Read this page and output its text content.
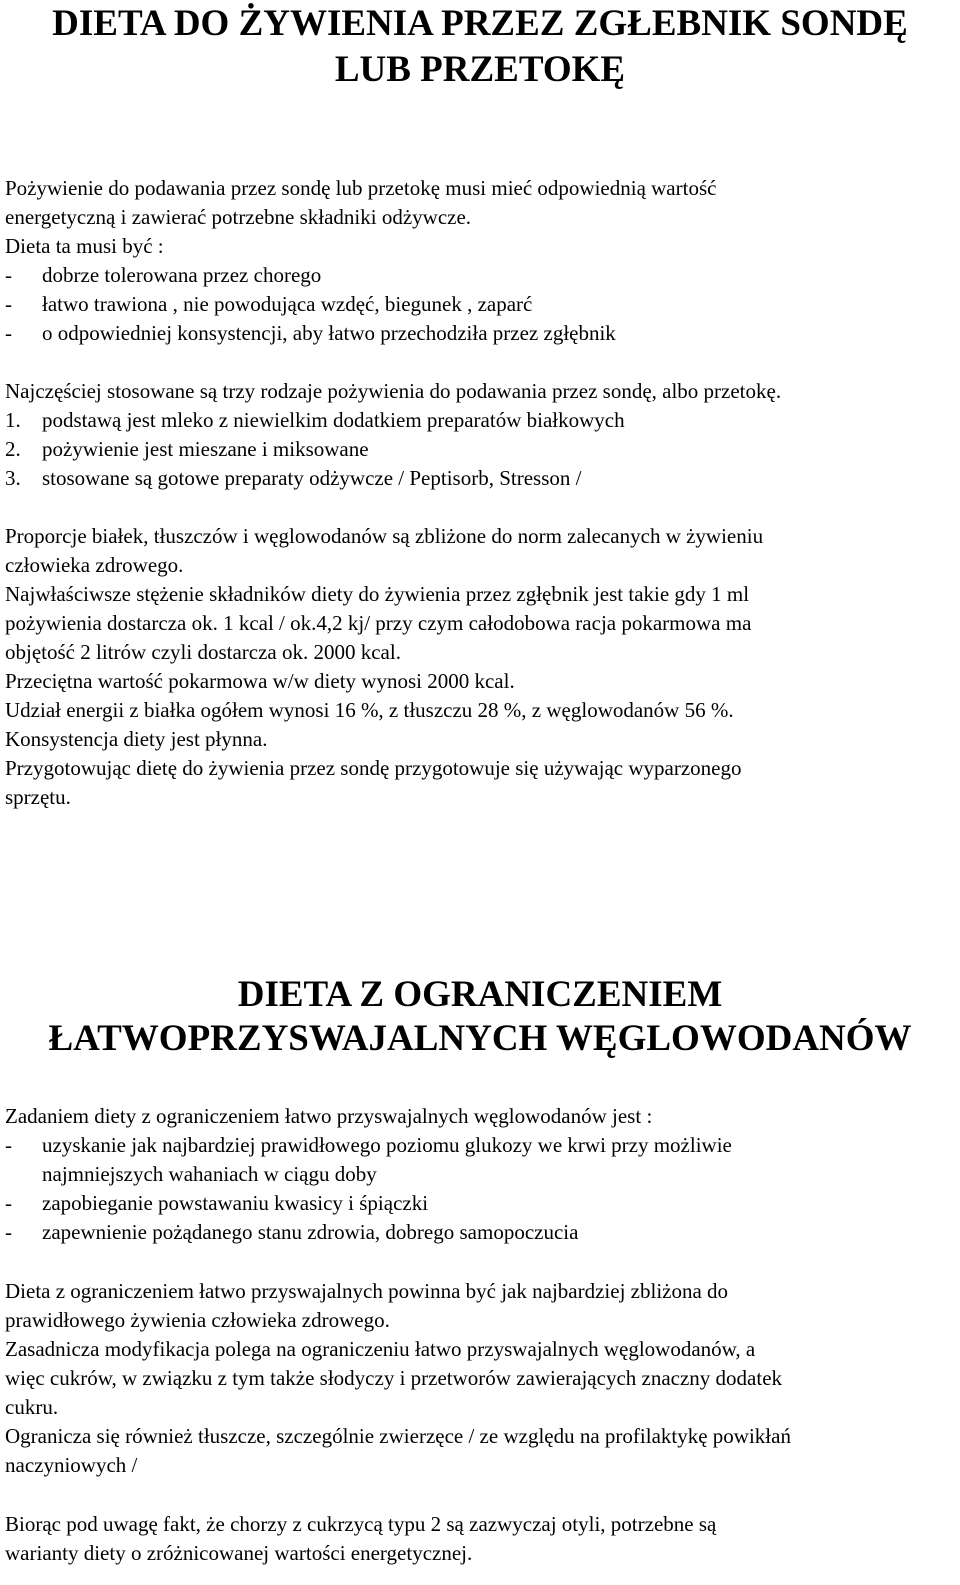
DIETA DO ŻYWIENIA PRZEZ ZGŁEBNIK SONDĘ
LUB PRZETOKĘ
Pożywienie do podawania przez sondę lub przetokę musi mieć odpowiednią wartość
energetyczną i zawierać potrzebne składniki odżywcze.
Dieta ta musi być :
-	dobrze tolerowana przez chorego
-	łatwo trawiona , nie powodująca wzdęć, biegunek , zaparć
-	o odpowiedniej konsystencji, aby łatwo przechodziła przez zgłębnik
Najczęściej stosowane są trzy rodzaje pożywienia do podawania przez sondę, albo przetokę.
1. podstawą jest mleko z niewielkim dodatkiem preparatów białkowych
2. pożywienie jest mieszane i miksowane
3. stosowane są gotowe preparaty odżywcze / Peptisorb, Stresson /
Proporcje białek, tłuszczów i węglowodanów są zbliżone do norm zalecanych w żywieniu
człowieka zdrowego.
Najwłaściwsze stężenie składników diety do żywienia przez zgłębnik jest takie gdy 1 ml
pożywienia dostarcza ok. 1 kcal / ok.4,2 kj/ przy czym całodobowa racja pokarmowa ma
objętość 2 litrów czyli dostarcza ok. 2000 kcal.
Przeciętna wartość pokarmowa w/w diety wynosi 2000 kcal.
Udział energii z białka ogółem wynosi 16 %, z tłuszczu 28 %, z węglowodanów 56 %.
Konsystencja diety jest płynna.
Przygotowując dietę do żywienia przez sondę przygotowuje się używając wyparzonego
sprzętu.
DIETA Z OGRANICZENIEM
ŁATWOPRZYSWAJALNYCH WĘGLOWODANÓW
Zadaniem diety z ograniczeniem łatwo przyswajalnych węglowodanów jest :
-	uzyskanie jak najbardziej prawidłowego poziomu glukozy we krwi przy możliwie
najmniejszych wahaniach w ciągu doby
-	zapobieganie powstawaniu kwasicy i śpiączki
-	zapewnienie pożądanego stanu zdrowia, dobrego samopoczucia
Dieta z ograniczeniem łatwo przyswajalnych powinna być jak najbardziej zbliżona do
prawidłowego żywienia człowieka zdrowego.
Zasadnicza modyfikacja polega na ograniczeniu łatwo przyswajalnych węglowodanów, a
więc cukrów, w związku z tym także słodyczy i przetworów zawierających znaczny dodatek
cukru.
Ogranicza się również tłuszcze, szczególnie zwierzęce / ze względu na profilaktykę powikłań
naczyniowych /
Biorąc pod uwagę fakt, że chorzy z cukrzycą typu 2 są zazwyczaj otyli, potrzebne są
warianty diety o zróżnicowanej wartości energetycznej.
